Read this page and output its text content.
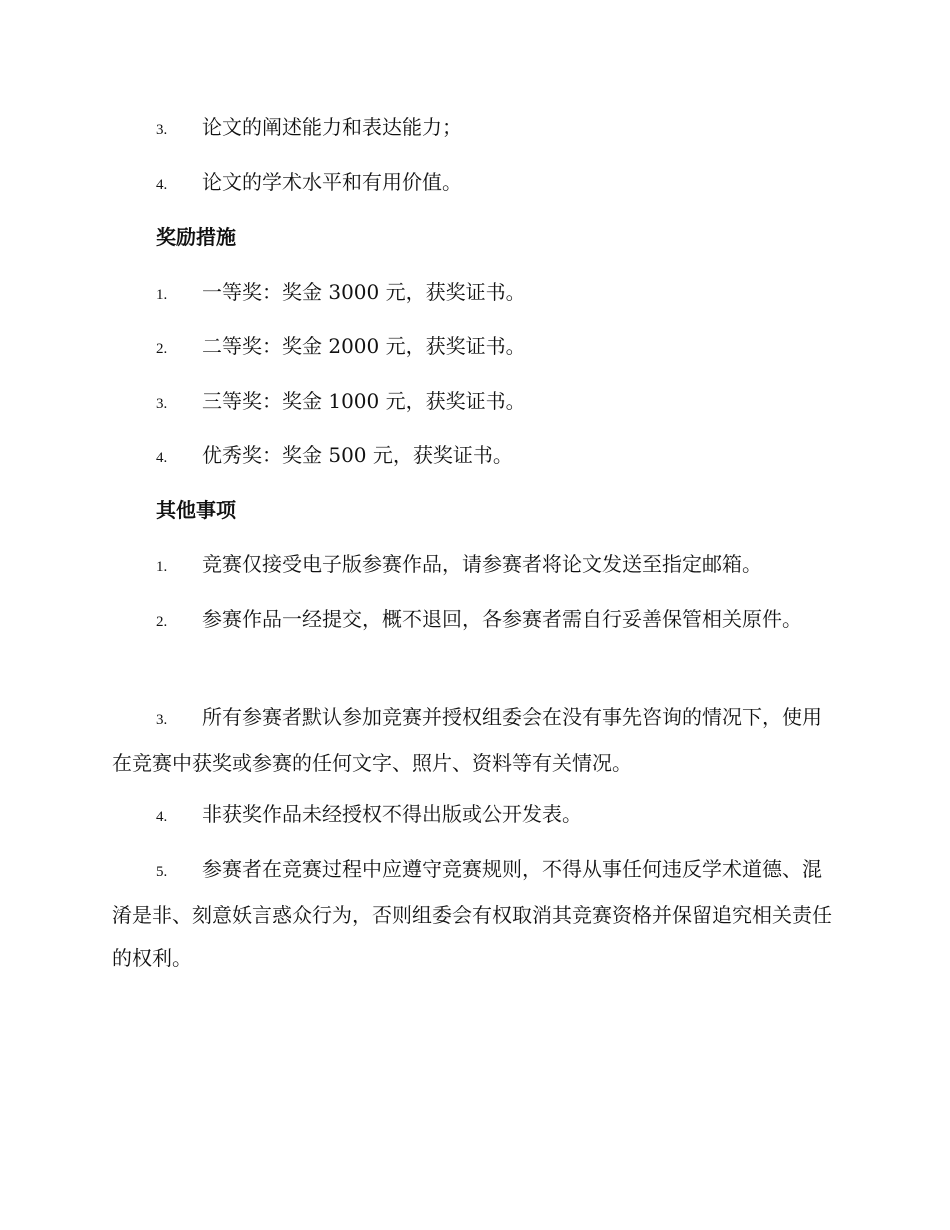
3. 论文的阐述能力和表达能力；

4. 论文的学术水平和有用价值。

奖励措施

1. 一等奖：奖金 3000 元，获奖证书。

2. 二等奖：奖金 2000 元，获奖证书。

3. 三等奖：奖金 1000 元，获奖证书。

4. 优秀奖：奖金 500 元，获奖证书。

其他事项

1. 竞赛仅接受电子版参赛作品，请参赛者将论文发送至指定邮箱。

2. 参赛作品一经提交，概不退回，各参赛者需自行妥善保管相关原件。

3. 所有参赛者默认参加竞赛并授权组委会在没有事先咨询的情况下，使用在竞赛中获奖或参赛的任何文字、照片、资料等有关情况。

4. 非获奖作品未经授权不得出版或公开发表。

5. 参赛者在竞赛过程中应遵守竞赛规则，不得从事任何违反学术道德、混淆是非、刻意妖言惑众行为，否则组委会有权取消其竞赛资格并保留追究相关责任的权利。
